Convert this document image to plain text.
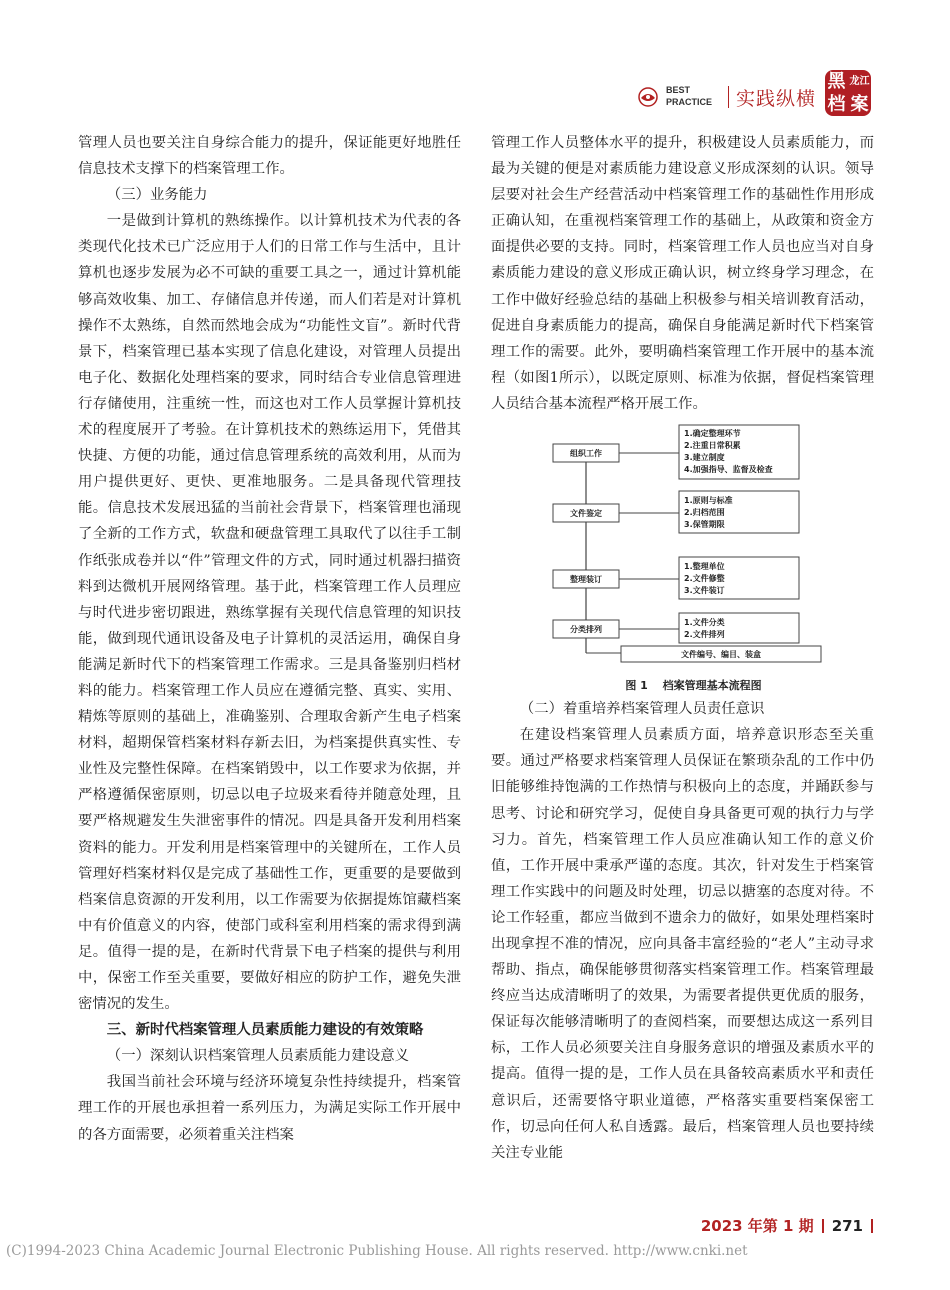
BEST
PRACTICE 实践纵横
黑 龙江
档 案

管理人员也要关注自身综合能力的提升，保证能更好地胜任信息技术支撑下的档案管理工作。

（三）业务能力

一是做到计算机的熟练操作。以计算机技术为代表的各类现代化技术已广泛应用于人们的日常工作与生活中，且计算机也逐步发展为必不可缺的重要工具之一，通过计算机能够高效收集、加工、存储信息并传递，而人们若是对计算机操作不太熟练，自然而然地会成为“功能性文盲”。新时代背景下，档案管理已基本实现了信息化建设，对管理人员提出电子化、数据化处理档案的要求，同时结合专业信息管理进行存储使用，注重统一性，而这也对工作人员掌握计算机技术的程度展开了考验。在计算机技术的熟练运用下，凭借其快捷、方便的功能，通过信息管理系统的高效利用，从而为用户提供更好、更快、更准地服务。二是具备现代管理技能。信息技术发展迅猛的当前社会背景下，档案管理也涌现了全新的工作方式，软盘和硬盘管理工具取代了以往手工制作纸张成卷并以“件”管理文件的方式，同时通过机器扫描资料到达微机开展网络管理。基于此，档案管理工作人员理应与时代进步密切跟进，熟练掌握有关现代信息管理的知识技能，做到现代通讯设备及电子计算机的灵活运用，确保自身能满足新时代下的档案管理工作需求。三是具备鉴别归档材料的能力。档案管理工作人员应在遵循完整、真实、实用、精炼等原则的基础上，准确鉴别、合理取舍新产生电子档案材料，超期保管档案材料存新去旧，为档案提供真实性、专业性及完整性保障。在档案销毁中，以工作要求为依据，并严格遵循保密原则，切忌以电子垃圾来看待并随意处理，且要严格规避发生失泄密事件的情况。四是具备开发利用档案资料的能力。开发利用是档案管理中的关键所在，工作人员管理好档案材料仅是完成了基础性工作，更重要的是要做到档案信息资源的开发利用，以工作需要为依据提炼馆藏档案中有价值意义的内容，使部门或科室利用档案的需求得到满足。值得一提的是，在新时代背景下电子档案的提供与利用中，保密工作至关重要，要做好相应的防护工作，避免失泄密情况的发生。

三、新时代档案管理人员素质能力建设的有效策略

（一）深刻认识档案管理人员素质能力建设意义

我国当前社会环境与经济环境复杂性持续提升，档案管理工作的开展也承担着一系列压力，为满足实际工作开展中的各方面需要，必须着重关注档案

管理工作人员整体水平的提升，积极建设人员素质能力，而最为关键的便是对素质能力建设意义形成深刻的认识。领导层要对社会生产经营活动中档案管理工作的基础性作用形成正确认知，在重视档案管理工作的基础上，从政策和资金方面提供必要的支持。同时，档案管理工作人员也应当对自身素质能力建设的意义形成正确认识，树立终身学习理念，在工作中做好经验总结的基础上积极参与相关培训教育活动，促进自身素质能力的提高，确保自身能满足新时代下档案管理工作的需要。此外，要明确档案管理工作开展中的基本流程（如图1所示），以既定原则、标准为依据，督促档案管理人员结合基本流程严格开展工作。

组织工作
文件鉴定
整理装订
分类排列
1.确定整理环节
2.注重日常积累
3.建立制度
4.加强指导、监督及检查
1.原则与标准
2.归档范围
3.保管期限
1.整理单位
2.文件修整
3.文件装订
1.文件分类
2.文件排列
文件编号、编目、装盒

图 1　 档案管理基本流程图

（二）着重培养档案管理人员责任意识

在建设档案管理人员素质方面，培养意识形态至关重要。通过严格要求档案管理人员保证在繁琐杂乱的工作中仍旧能够维持饱满的工作热情与积极向上的态度，并踊跃参与思考、讨论和研究学习，促使自身具备更可观的执行力与学习力。首先，档案管理工作人员应准确认知工作的意义价值，工作开展中秉承严谨的态度。其次，针对发生于档案管理工作实践中的问题及时处理，切忌以搪塞的态度对待。不论工作轻重，都应当做到不遗余力的做好，如果处理档案时出现拿捏不准的情况，应向具备丰富经验的“老人”主动寻求帮助、指点，确保能够贯彻落实档案管理工作。档案管理最终应当达成清晰明了的效果，为需要者提供更优质的服务，保证每次能够清晰明了的查阅档案，而要想达成这一系列目标，工作人员必须要关注自身服务意识的增强及素质水平的提高。值得一提的是，工作人员在具备较高素质水平和责任意识后，还需要恪守职业道德，严格落实重要档案保密工作，切忌向任何人私自透露。最后，档案管理人员也要持续关注专业能

2023 年第 1 期 271
(C)1994-2023 China Academic Journal Electronic Publishing House. All rights reserved. http://www.cnki.net
